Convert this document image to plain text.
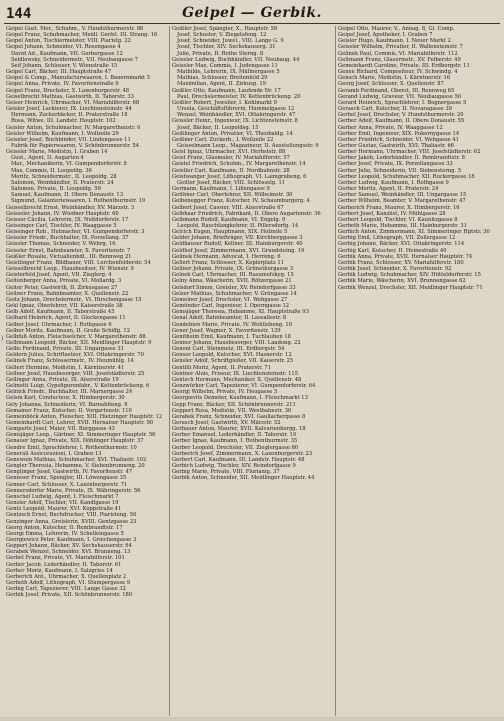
144	Geipel — Gerbik.
Geipel Gust. Mor., Schuhm., V. Hundsthurmerstr. 86
Geipel Franz, Schuhmacher, Meidl. Gerfel. III. Strang. 16
Geipel Anton, Tischlermeister, VIII. Piaristg. 22
Geipel Johann, Schneider, VI. Rosengasse 4
David Ad., Kaufmann, VII. Gerbergasse 12
Seidlowsky, Schneidermstr., VII. Neubaugasse 7
Seif Johann, Schlosser, V. Wienstraße 15
Geipel Carl, Bäcker, III. Hauptstraße 47
Geipel & Comp., Manufacturwaaren, I. Bauernmarkt 5
Geipel Anna, Private, IV. Favoritenstraße 9
Geipel Franz, Drechsler, X. Laxenburgerstr. 48
Geiselbrecht Mathias, Gastwirth, II. Taborstr. 33
Geiser Heinrich, Uhrmacher, VI. Mariahilferstr. 68
Geisler Josef, Lackierer, IX. Liechtensteinstr. 44
Hermann, Zuckerbäcker, II. Praterstraße 18
Rosa, Witwe, III. Landstr. Hauptstr. 102
Geisler Anton, Schuhmacher, IV. Margarethenstr. 6
Geisler Wilhelm, Kaufmann, I. Wollzeile 29
Geiszler Josef, Buchbinder, VII. Lindengasse 11
Fabrik für Papierwaaren, V. Schönbrunnerstr. 54
Geissler Marie, Modistin, I. Graben 14
Gust., Agent, II. Augarten 4
Mar., Mechanikerin, VI. Gumpendorferstr. 8
Max, Commis, II. Leopoldg. 36
Moritz, Schneidermstr., II. Leopoldg. 28
Salomon, Weinhändler, II. Praterstr. 24
Salomon, Private, II. Leopoldg. 59
Samuel, Kaufmann, II. Obere Donaustr. 13
Sigmund, Galanteriewaaren, I. Rothenthurmstr. 19
Geisselbrecht Ernst, Weinhändler, XV. Märzstr. 3
Geisseler Johann, IV. Wiedner Hauptstr. 60
Geisser Cäcilia, Lehrerin, IX. Nußdorferstr. 17
Geissinger Carl, Tischler, IV. Waaggasse 5
Geissinger Rob., Hutmacher, VI. Gumpendorferstr. 3
Geissler Friedr., Buchhalter, IX. Porzellang. 37
Geissler Thomas, Schneider, V. Wehrg. 16
Geissler Ernst, Bahnbeamter, X. Favoritenstr. 7
Geißler Rosalie, Victualienhdl., III. Rennweg 21
Geistlinger Franz, Bildhauer, VIII. Lerchenfelderstr. 54
Geisselbrecht Leop., Hausbesitzer, IV. Wienstr. 9
Geisterfeld Josef, Agent, VII. Zieglerg. 4
Geitenberger Anna, Private, VI. Mollardg. 3
Geiter Peter, Gastwirth, II. Zirkusgasse 27
Geitner Franz, Bahnbeamter, X. Quellenstr. 22
Geitz Johann, Drechslermstr., VI. Hirschengasse 15
Gekl Ignaz, Oberlehrer, VII. Kaiserstraße 38
Gelb Adolf, Kaufmann, II. Taborstraße 45
Gelbard Heinrich, Agent, II. Glockengasse 11
Gelber Josef, Uhrmacher, I. Rothgasse 6
Gelber Moritz, Kaufmann, II. Große Schiffg. 12
Gelbfuß Anton, Fleischselcher, V. Margarethenstr. 88
Gelbmann Leopold, Bäcker, XII. Meidlinger Hauptstr. 9
Gelbs Ferdinand, Private, III. Ungargasse 31
Geldern Julius, Schriftsetzer, XVI. Ottakringerstr. 70
Gelinek Franz, Schlossermstr., IV. Heumühlg. 14
Gellert Hermine, Modistin, I. Kärntnerstr. 41
Gellner Josef, Hausbesorger, VIII. Josefstädterstr. 25
Gellinger Anna, Private, IX. Alserstraße 19
Gelmetti Luigi, Gypsfigurenfabr., V. Kettenbrückeng. 6
Gelnick Friedr., Buchhalter, III. Marxergasse 24
Gelsin Karl, Conducteur, X. Himbergerstr. 30
Gely Johanna, Schneiderin, VI. Barnabiteng. 8
Gemainer Franz, Kutscher, II. Vorgartenstr. 110
Gemeinböck Anton, Fleischer, XIII. Hietzinger Hauptstr. 12
Gemeinhardt Carl, Lehrer, XVII. Hernalser Hauptstr. 90
Gemperle Josef, Maler, VII. Burggasse 43
Gemsjäger Leop., Gärtner, XI. Simmeringer Hauptstr. 56
Genauer Ignaz, Private, XIX. Döblinger Hauptstr. 37
Gendre Emil, Sprachlehrer, I. Rothenthurmstr. 10
Generali Assicurazioni, I. Graben 13
Genewein Mathias, Schuhmacher, XVI. Thaliastr. 102
Gengler Theresia, Hebamme, V. Siebenbrunneng. 20
Genglinger Josef, Gastwirth, IV. Favoritenstr. 47
Genieser Franz, Spengler, III. Löwengasse 35
Genner Carl, Schlosser, X. Laxenburgerstr. 71
Gennersdorfer Marie, Private, IX. Währingerstr. 56
Genschel Ludwig, Agent, I. Fleischmarkt 7
Gensler Adolf, Tischler, VII. Kandlgasse 19
Gentz Leopold, Maurer, XVI. Koppstraße 41
Gentzsch Ernst, Buchdrucker, VIII. Piaristeng. 50
Genzinger Anna, Greislerin, XVIII. Gentzgasse 23
Georg Anton, Kutscher, II. Rembrandtstr. 17
Georgi Emma, Lehrerin, IV. Schelleingasse 5
Georgiewicz Peter, Kaufmann, I. Griechengasse 3
Geppert Johann, Bäcker, XV. Sechshauserstr. 64
Gerabek Wenzel, Schneider, XVI. Brunneng. 13
Gerbel Franz, Private, VI. Mariahilferstr. 101
Gerber Jacob, Lederhändler, II. Taborstr. 61
Gerber Moriz, Kaufmann, I. Salzgries 14
Gerberich Ant., Uhrmacher, X. Quellenplatz 2
Gerbeth Adolf, Lithograph, VI. Stumpergasse 9
Gerbig Carl, Tapezierer, VIII. Lange Gasse 32
Gerbik Josef, Private, XII. Schönbrunnerstr. 180
Geißler Josef, Spängler, X., Hauptstr. 58
Josef, Schuster, V. Ziegelofeng. 12
Josef, Schneider, Juwel., VIII. Lange G. 9
Josef, Tischler, XIV. Sechshauserg. 31
Julie, Private, II. Rothe Sterng. 8
Geissler Ludwig, Buchhändler, VII. Neubaug. 44
Geissler Max, Commis, I. Judengasse 11
Mathilde, Lehrerin, IX. Müllnergasse 5
Mathias, Schlosser, Breitenfeld 29
Maximilian, Agent, II. Zirkusg. 19
Geißler Otto, Kaufmann, Laufende Nr. 17
Paul, Drechslermeister, IV. Kettenbrückeng. 20
Geißler Robert, Juwelier, I. Kohlmarkt 9
Ursula, Geschäftsführerin, Hummelgasse 12
Wenzel, Weinhändler, XVI. Ottakringerstr. 47
Geissler Heinr., Ingenieur, IX. Lichtensteinstr. 8
Josef, Bäcker, II. Leopoldsg. 15
Geißlinger Anton, Privatier, VI. Theobaldg. 14
Geißner Carl, Zuckerb., I. Wollzeile 22
Geisselmann Leop., Magazineur, II. Ausstellungsstr. 9
Geist Ignaz, Uhrmacher, XVI. Herbststr. 88
Geist Franz, Glasmaler, IV. Mariahilferstr. 57
Geistel Friedrich, Schuhm., IV. Margarethenstr. 14
Geistler Carl, Kaufmann, II. Nordbahnstr. 28
Geistwanger Josef, Lithograph, VI. Laimgrubeng. 6
Geitler Josef, Bäcker, VIII. Schlösselg. 11
Germann, Kaufmann, I. Liliengasse 9
Geithner Carl, Oberlehrer, XII. Wilhelmstr. 30
Gelbenegger Franz, Kutscher, IV. Schaumburgerg. 4
Gelbert Josef, Cassier, VIII. Alserstraße 67
Gelbhaar Friedrich, Fabrikant, II. Obere Augartenstr. 36
Gelbmann Rudolf, Kaufmann, VI. Engelg. 9
Leopold, Rauchfangkehrer, II. Pillersdorfg. 14
Gelcich Eugen, Hauptmann, XIX. Hofzeile 5
Gelder Johann, Briefträger, VII. Kirchberggasse 3
Geldhauser Rudolf, Kellner, III. Hainburgerstr. 40
Geldhof Josef, Zimmermann, XVI. Grundsteing. 19
Gelinek Hermann, Advocat, I. Herreng. 6
Gellert Franz, Schlosser, X. Keplerplatz 11
Gellner Johann, Private, IX. Grünethorgasse 3
Gelnek Carl, Uhrmacher, III. Rasumofskyg. 15
Gelny Anna, Wäscherin, XVII. Rötzergasse 21
Gelsdorf Simon, Greisler, XV. Reindorfgasse 33
Gelzer Mathias, Schuhmacher, V. Grüngasse 14
Gemeiner Josef, Drechsler, VI. Webgasse 27
Gemünder Carl, Ingenieur, I. Operngasse 12
Gemsjäger Theresia, Hebamme, XI. Hauptstraße 93
Genal Adolf, Bahnbeamter, II. Lassallestr. 8
Gendebien Marie, Private, IV. Wohllebeng. 10
Gener Josef, Wagner, X. Favoritenstr. 139
Genitheim Emil, Kaufmann, I. Tuchlauben 18
Genner Johann, Hausbesorger, VIII. Laudong. 22
Genoni Carl, Steinmetz, III. Erdbergstr. 54
Genser Leopold, Kutscher, XVI. Hasnerstr. 12
Gensler Adolf, Schriftgießer, VII. Kaiserstr. 25
Gentilli Moriz, Agent, II. Praterstr. 71
Gentner Alois, Friseur, IX. Liechtensteinstr. 115
Gentsch Hermann, Mechaniker, X. Quellenstr. 48
Genzwürker Carl, Tapezierer, VI. Gumpendorferstr. 64
Georgi Wilhelm, Private, IV. Heugasse 5
Georgievits Demeter, Kaufmann, I. Fleischmarkt 13
Gepp Franz, Bäcker, XII. Schönbrunnerstr. 211
Geppert Rosa, Modistin, VII. Westbahnstr. 30
Gerabek Franz, Schneider, XVI. Gaullachergasse 8
Gerasch Josef, Gastwirth, XV. Märzstr. 52
Gerbauer Anton, Maurer, XVII. Kalvarienbergg. 18
Gerber Emanuel, Lederhändler, II. Taborstr. 19
Gerber Ignaz, Kaufmann, I. Rothenthurmstr. 35
Gerber Leopold, Drechsler, VII. Zieglergasse 60
Gerberich Josef, Zimmermann, X. Laxenburgerstr. 23
Gerbert Carl, Kaufmann, III. Landstr. Hauptstr. 48
Gerbich Ludwig, Tischler, XIV. Reindorfgasse 9
Gerbig Marie, Private, VIII. Florianig. 37
Gerbik Anton, Schneider, XII. Meidlinger Hauptstr. 44
Geipel Otto, Maurer, V., Annag. 8, Gl. Comp.
Geipel Josef, Apotheker, I. Graben 7
Geisler Hugo, Kaufmann, I. Neuer Markt 2
Geissler Wilhelm, Privatier, II. Wallensteinstr. 7
Gelinek Paul, Commis, VI. Mariahilferstr. 112
Geltmann Franz, Glasermstr., XV. Felberstr. 49
Gemeinhardt Caroline, Private, III. Erdbergstr. 11
Genée Richard, Compositeur, IV. Schwindg. 4
Gensch Marie, Modistin, I. Kärntnerstr. 16
Georg Josef, Schlosser, X. Quellenstr. 87
Geramb Ferdinand, Oberst, III. Rennweg 65
Gerand Ludwig, Graveur, VII. Neubaugasse 56
Gerard Heinrich, Sprachlehrer, I. Bognergasse 5
Gerasch Carl, Kutscher, II. Novaragasse 39
Gerbel Josef, Drechsler, V. Hundsthurmerstr. 20
Gerber Adolf, Kaufmann, II. Obere Donaustr. 55
Gerber Anna, Private, IV. Waaggasse 12
Gerber Emil, Ingenieur, XIX. Pokornygasse 14
Gerber Friedrich, Schneider, VI. Webgasse 41
Gerber Gustav, Gastwirth, XVI. Thaliastr. 66
Gerber Hermann, Uhrmacher, VIII. Josefstädterstr. 62
Gerber Jakob, Lederhändler, II. Rembrandtstr. 8
Gerber Josef, Private, IX. Porzellangasse 33
Gerber Julie, Schneiderin, VII. Siebensterng. 5
Gerber Leopold, Schuhmacher, XII. Ruckergasse 18
Gerber Ludwig, Kaufmann, I. Rothgasse 9
Gerber Moritz, Agent, II. Praterstr. 24
Gerber Samuel, Weinhändler, III. Ungargasse 15
Gerber Wilhelm, Beamter, V. Margarethenstr. 47
Gerberich Franz, Maurer, X. Himbergerstr. 16
Gerbert Josef, Kanzlist, IV. Mühlgasse 28
Gerbert Leopold, Tischler, VI. Kaunitzgasse 8
Gerbeth Marie, Hebamme, III. Hainburgerstr. 31
Gerbich Anton, Zimmermann, XI. Simmeringer Hptstr. 30
Gerbig Emil, Lithograph, VII. Zollergasse 12
Gerbig Johann, Bäcker, XVI. Ottakringerstr. 114
Gerbig Karl, Kutscher, II. Heinestraße 40
Gerbik Anna, Private, XVII. Hernalser Hauptstr. 74
Gerbik Franz, Schlosser, XV. Mariahilferstr. 180
Gerbik Josef, Schneider, X. Favoritenstr. 92
Gerbik Ludwig, Schuhmacher, XIV. Hütteldorferstr. 15
Gerbik Marie, Wäscherin, XVI. Brunnengasse 62
Gerbik Wenzel, Drechsler, XII. Meidlinger Hauptstr. 71
)
